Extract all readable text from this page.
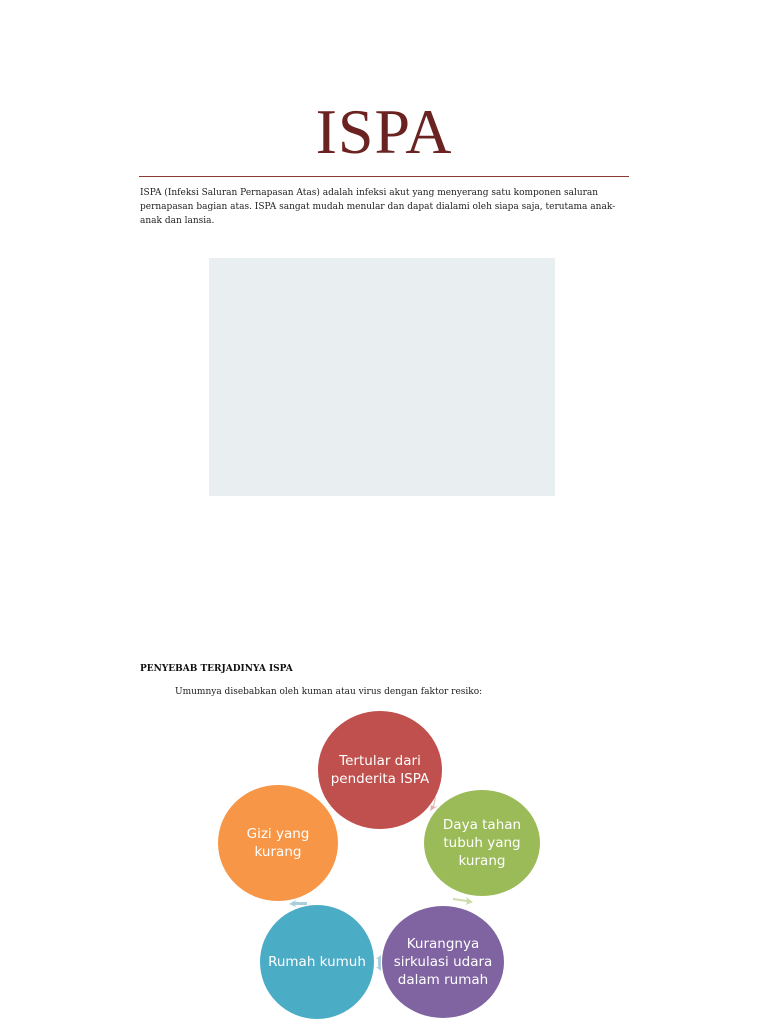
ISPA
ISPA (Infeksi Saluran Pernapasan Atas) adalah infeksi akut yang menyerang satu komponen saluran pernapasan bagian atas. ISPA sangat mudah menular dan dapat dialami oleh siapa saja, terutama anak-anak dan lansia.
PENYEBAB TERJADINYA ISPA
Umumnya disebabkan oleh kuman atau virus dengan faktor resiko:
Tertular dari penderita ISPA
Daya tahan tubuh yang kurang
Kurangnya sirkulasi udara dalam rumah
Rumah kumuh
Gizi yang kurang
